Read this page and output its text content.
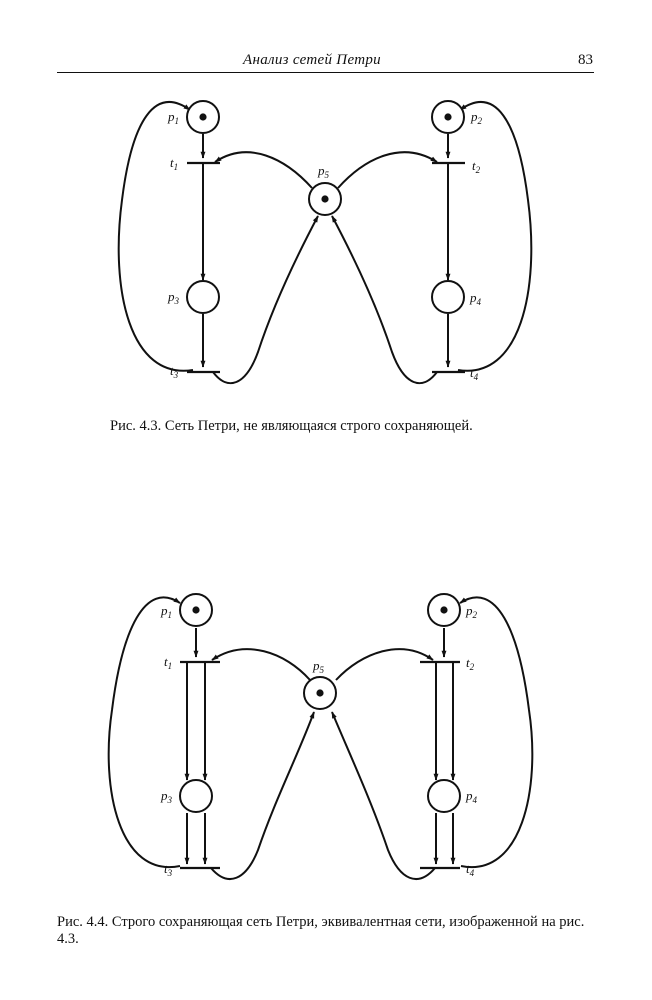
Анализ сетей Петри	83
$p_1$	$p_2$
$p_3$	$p_4$
$p_5$
$t_1$	$t_2$
$t_3$	$t_4$
Рис. 4.3. Сеть Петри, не являющаяся строго сохраняющей.
$p_1$	$p_2$
$p_3$	$p_4$
$p_5$
$t_1$	$t_2$
$t_3$	$t_4$
Рис. 4.4. Строго сохраняющая сеть Петри, эквивалентная сети, изображенной на рис. 4.3.
